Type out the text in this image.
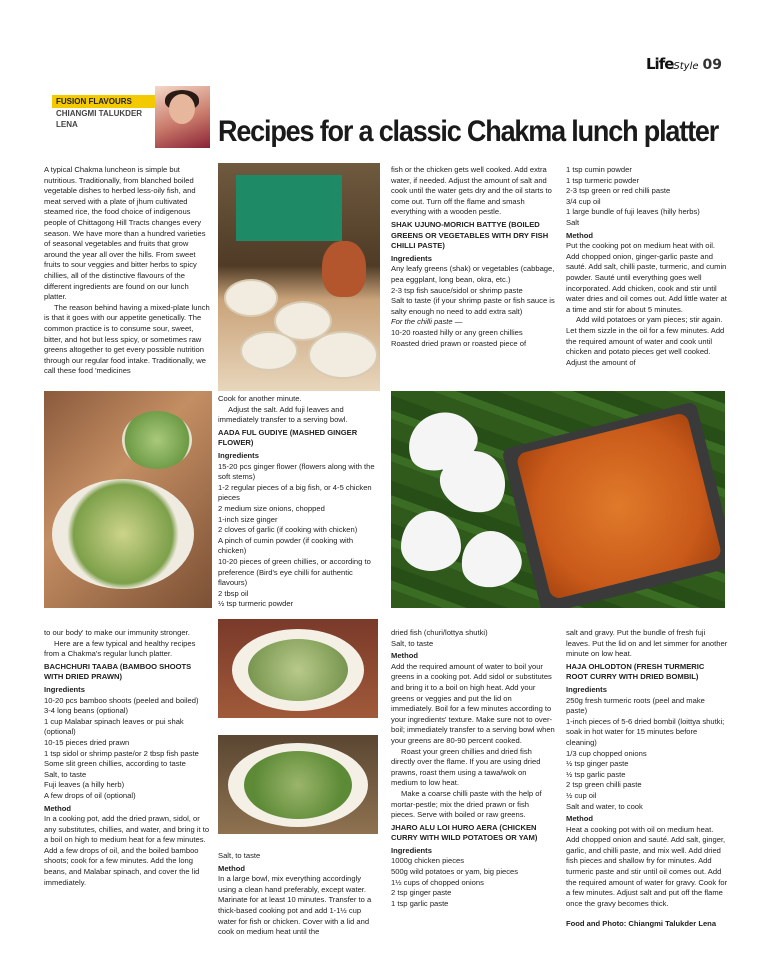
LifeStyle 09
FUSION FLAVOURS
CHIANGMI TALUKDER
LENA	Recipes for a classic Chakma lunch platter

A typical Chakma luncheon is simple but nutritious. Traditionally, from blanched boiled vegetable dishes to herbed less-oily fish, and meat served with a plate of jhum cultivated steamed rice, the food choice of indigenous people of Chittagong Hill Tracts changes every season. We have more than a hundred varieties of seasonal vegetables and fruits that grow around the year all over the hills. From sweet fruits to sour veggies and bitter herbs to spicy chillies, all of the distinctive flavours of the different ingredients are found on our lunch platter.

The reason behind having a mixed-plate lunch is that it goes with our appetite genetically. The common practice is to consume sour, sweet, bitter, and hot but less spicy, or sometimes raw greens altogether to get every possible nutrition through our regular food intake. Traditionally, we call these food 'medicines

fish or the chicken gets well cooked. Add extra water, if needed. Adjust the amount of salt and cook until the water gets dry and the oil starts to come out. Turn off the flame and smash everything with a wooden pestle.

SHAK UJUNO-MORICH BATTYE (BOILED GREENS OR VEGETABLES WITH DRY FISH CHILLI PASTE)

Ingredients

Any leafy greens (shak) or vegetables (cabbage, pea eggplant, long bean, okra, etc.)

2-3 tsp fish sauce/sidol or shrimp paste

Salt to taste (if your shrimp paste or fish sauce is salty enough no need to add extra salt)

For the chilli paste —

10-20 roasted hilly or any green chillies

Roasted dried prawn or roasted piece of

1 tsp cumin powder

1 tsp turmeric powder

2-3 tsp green or red chilli paste

3/4 cup oil

1 large bundle of fuji leaves (hilly herbs)

Salt

Method

Put the cooking pot on medium heat with oil. Add chopped onion, ginger-garlic paste and sauté. Add salt, chilli paste, turmeric, and cumin powder. Sauté until everything goes well incorporated. Add chicken, cook and stir until water dries and oil comes out. Add little water at a time and stir for about 5 minutes.

Add wild potatoes or yam pieces; stir again. Let them sizzle in the oil for a few minutes. Add the required amount of water and cook until chicken and potato pieces get well cooked. Adjust the amount of

Cook for another minute.

Adjust the salt. Add fuji leaves and immediately transfer to a serving bowl.

AADA FUL GUDIYE (MASHED GINGER FLOWER)

Ingredients

15-20 pcs ginger flower (flowers along with the soft stems)

1-2 regular pieces of a big fish, or 4-5 chicken pieces

2 medium size onions, chopped

1-inch size ginger

2 cloves of garlic (if cooking with chicken)

A pinch of cumin powder (if cooking with chicken)

10-20 pieces of green chillies, or according to preference (Bird's eye chilli for authentic flavours)

2 tbsp oil

½ tsp turmeric powder

to our body' to make our immunity stronger.

Here are a few typical and healthy recipes from a Chakma's regular lunch platter.

BACHCHURI TAABA (BAMBOO SHOOTS WITH DRIED PRAWN)

Ingredients

10-20 pcs bamboo shoots (peeled and boiled)

3-4 long beans (optional)

1 cup Malabar spinach leaves or pui shak (optional)

10-15 pieces dried prawn

1 tsp sidol or shrimp paste/or 2 tbsp fish paste

Some slit green chillies, according to taste

Salt, to taste

Fuji leaves (a hilly herb)

A few drops of oil (optional)

Method

In a cooking pot, add the dried prawn, sidol, or any substitutes, chillies, and water, and bring it to a boil on high to medium heat for a few minutes. Add a few drops of oil, and the boiled bamboo shoots; cook for a few minutes. Add the long beans, and Malabar spinach, and cover the lid immediately.

Salt, to taste

Method

In a large bowl, mix everything accordingly using a clean hand preferably, except water. Marinate for at least 10 minutes. Transfer to a thick-based cooking pot and add 1-1½ cup water for fish or chicken. Cover with a lid and cook on medium heat until the

dried fish (churi/lottya shutki)

Salt, to taste

Method

Add the required amount of water to boil your greens in a cooking pot. Add sidol or substitutes and bring it to a boil on high heat. Add your greens or veggies and put the lid on immediately. Boil for a few minutes according to your ingredients' texture. Make sure not to over-boil; immediately transfer to a serving bowl when your greens are 80-90 percent cooked.

Roast your green chillies and dried fish directly over the flame. If you are using dried prawns, roast them using a tawa/wok on medium to low heat.

Make a coarse chilli paste with the help of mortar-pestle; mix the dried prawn or fish pieces. Serve with boiled or raw greens.

JHARO ALU LOI HURO AERA (CHICKEN CURRY WITH WILD POTATOES OR YAM)

Ingredients

1000g chicken pieces

500g wild potatoes or yam, big pieces

1½ cups of chopped onions

2 tsp ginger paste

1 tsp garlic paste

salt and gravy. Put the bundle of fresh fuji leaves. Put the lid on and let simmer for another minute on low heat.

HAJA OHLODTON (FRESH TURMERIC ROOT CURRY WITH DRIED BOMBIL)

Ingredients

250g fresh turmeric roots (peel and make paste)

1-inch pieces of 5-6 dried bombil (loittya shutki; soak in hot water for 15 minutes before cleaning)

1/3 cup chopped onions

½ tsp ginger paste

½ tsp garlic paste

2 tsp green chilli paste

½ cup oil

Salt and water, to cook

Method

Heat a cooking pot with oil on medium heat. Add chopped onion and sauté. Add salt, ginger, garlic, and chilli paste, and mix well. Add dried fish pieces and shallow fry for minutes. Add turmeric paste and stir until oil comes out. Add the required amount of water for gravy. Cook for a few minutes. Adjust salt and put off the flame once the gravy becomes thick.

Food and Photo: Chiangmi Talukder Lena
